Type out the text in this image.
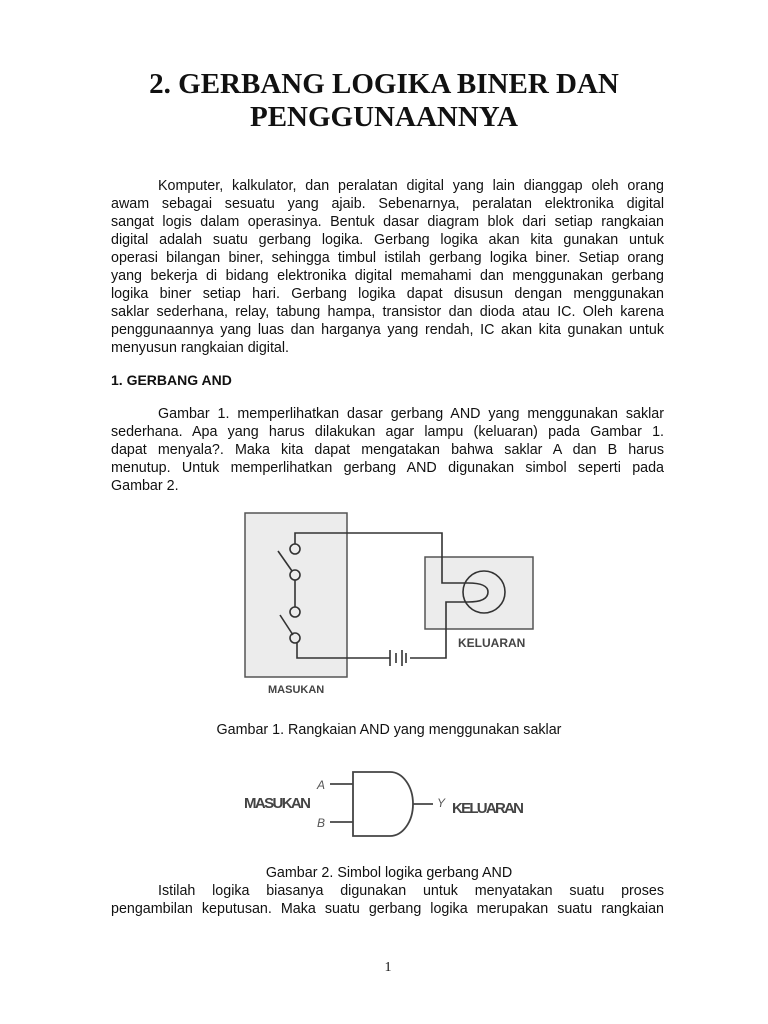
2. GERBANG LOGIKA BINER DAN
PENGGUNAANNYA
Komputer, kalkulator, dan peralatan digital yang lain dianggap oleh orang
awam sebagai sesuatu yang ajaib. Sebenarnya, peralatan elektronika digital
sangat logis dalam operasinya. Bentuk dasar diagram blok dari setiap rangkaian
digital adalah suatu gerbang logika. Gerbang logika akan kita gunakan untuk
operasi bilangan biner, sehingga timbul istilah gerbang logika biner. Setiap orang
yang bekerja di bidang elektronika digital memahami dan menggunakan gerbang
logika biner setiap hari. Gerbang logika dapat disusun dengan menggunakan
saklar sederhana, relay, tabung hampa, transistor dan dioda atau IC. Oleh karena
penggunaannya yang luas dan harganya yang rendah, IC akan kita gunakan untuk
menyusun rangkaian digital.
1. GERBANG AND
Gambar 1. memperlihatkan dasar gerbang AND yang menggunakan saklar
sederhana. Apa yang harus dilakukan agar lampu (keluaran) pada Gambar 1.
dapat menyala?. Maka kita dapat mengatakan bahwa saklar A dan B harus
menutup. Untuk memperlihatkan gerbang AND digunakan simbol seperti pada
Gambar 2.
MASUKAN
KELUARAN
Gambar 1. Rangkaian AND yang menggunakan saklar
A
B
Y
MASUKAN	KELUARAN
Gambar 2. Simbol logika gerbang AND
Istilah logika biasanya digunakan untuk menyatakan suatu proses
pengambilan keputusan. Maka suatu gerbang logika merupakan suatu rangkaian
1
